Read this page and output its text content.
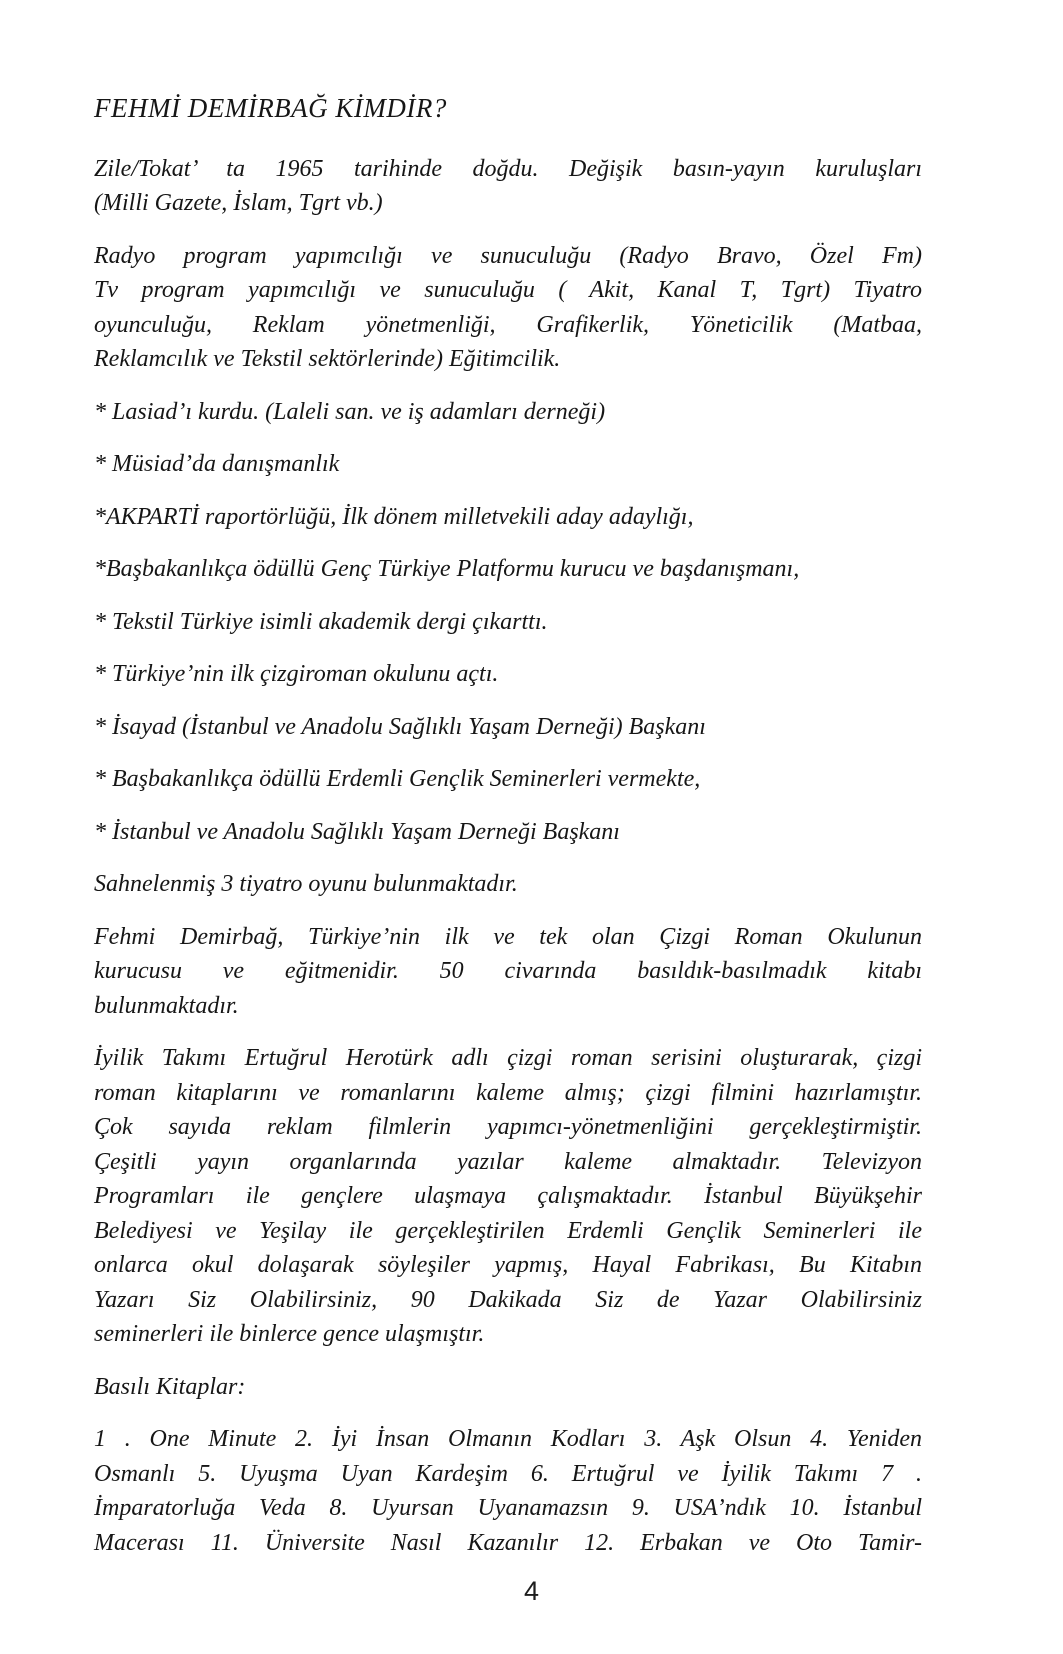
FEHMİ DEMİRBAĞ KİMDİR?
Zile/Tokat’ ta 1965 tarihinde doğdu. Değişik basın-yayın kuruluşları
(Milli Gazete, İslam, Tgrt vb.)
Radyo program yapımcılığı ve sunuculuğu (Radyo Bravo, Özel Fm)
Tv program yapımcılığı ve sunuculuğu ( Akit, Kanal T, Tgrt) Tiyatro
oyunculuğu, Reklam yönetmenliği, Grafikerlik, Yöneticilik (Matbaa,
Reklamcılık ve Tekstil sektörlerinde) Eğitimcilik.
* Lasiad’ı kurdu. (Laleli san. ve iş adamları derneği)
* Müsiad’da danışmanlık
*AKPARTİ raportörlüğü, İlk dönem milletvekili aday adaylığı,
*Başbakanlıkça ödüllü Genç Türkiye Platformu kurucu ve başdanışmanı,
* Tekstil Türkiye isimli akademik dergi çıkarttı.
* Türkiye’nin ilk çizgiroman okulunu açtı.
* İsayad (İstanbul ve Anadolu Sağlıklı Yaşam Derneği) Başkanı
* Başbakanlıkça ödüllü Erdemli Gençlik Seminerleri vermekte,
* İstanbul ve Anadolu Sağlıklı Yaşam Derneği Başkanı
Sahnelenmiş 3 tiyatro oyunu bulunmaktadır.
Fehmi Demirbağ, Türkiye’nin ilk ve tek olan Çizgi Roman Okulunun
kurucusu ve eğitmenidir. 50 civarında basıldık-basılmadık kitabı
bulunmaktadır.
İyilik Takımı Ertuğrul Herotürk adlı çizgi roman serisini oluşturarak, çizgi
roman kitaplarını ve romanlarını kaleme almış; çizgi filmini hazırlamıştır.
Çok sayıda reklam filmlerin yapımcı-yönetmenliğini gerçekleştirmiştir.
Çeşitli yayın organlarında yazılar kaleme almaktadır. Televizyon
Programları ile gençlere ulaşmaya çalışmaktadır. İstanbul Büyükşehir
Belediyesi ve Yeşilay ile gerçekleştirilen Erdemli Gençlik Seminerleri ile
onlarca okul dolaşarak söyleşiler yapmış, Hayal Fabrikası, Bu Kitabın
Yazarı Siz Olabilirsiniz, 90 Dakikada Siz de Yazar Olabilirsiniz
seminerleri ile binlerce gence ulaşmıştır.
Basılı Kitaplar:
1 . One Minute 2. İyi İnsan Olmanın Kodları 3. Aşk Olsun 4. Yeniden
Osmanlı 5. Uyuşma Uyan Kardeşim 6. Ertuğrul ve İyilik Takımı 7 .
İmparatorluğa Veda 8. Uyursan Uyanamazsın 9. USA’ndık 10. İstanbul
Macerası 11. Üniversite Nasıl Kazanılır 12. Erbakan ve Oto Tamir-
4
